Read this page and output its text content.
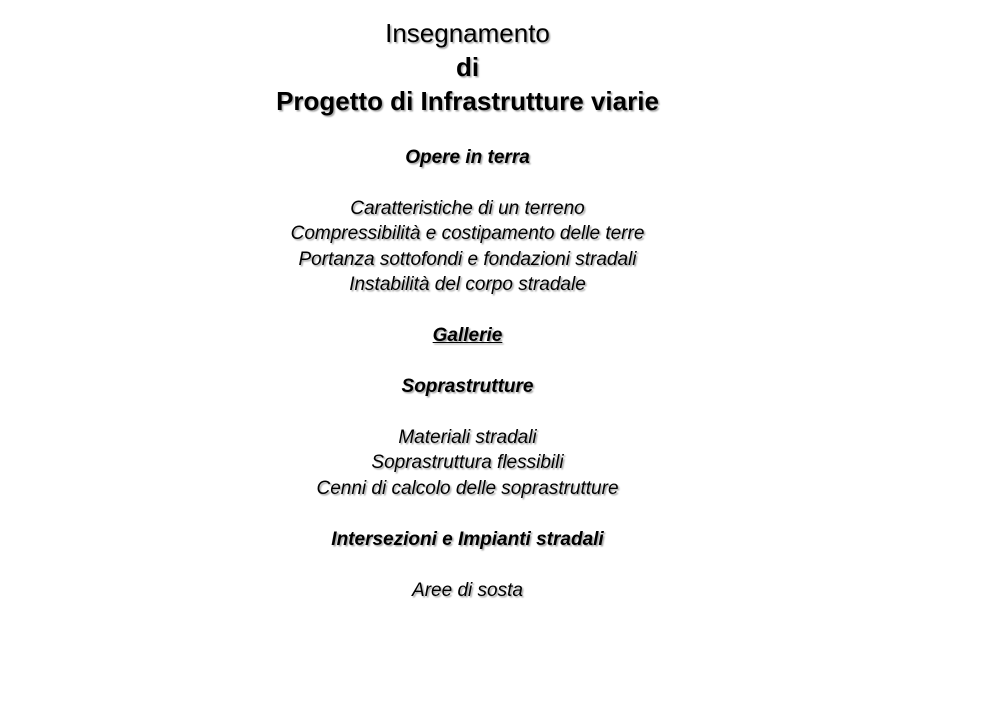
Insegnamento
di
Progetto di Infrastrutture viarie
Opere in terra
Caratteristiche di un terreno
Compressibilità e costipamento delle terre
Portanza sottofondi e fondazioni stradali
Instabilità del corpo stradale
Gallerie
Soprastrutture
Materiali stradali
Soprastruttura flessibili
Cenni di calcolo delle soprastrutture
Intersezioni e Impianti stradali
Aree di sosta
